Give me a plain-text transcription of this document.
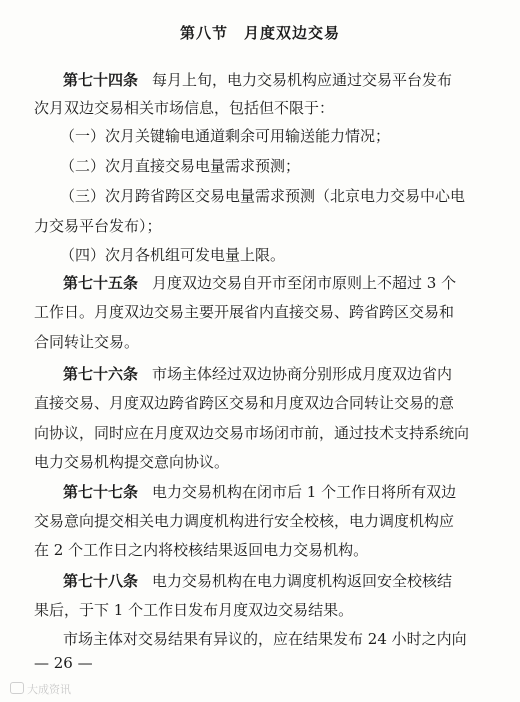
第八节　月度双边交易
第七十四条 每月上旬，电力交易机构应通过交易平台发布
次月双边交易相关市场信息，包括但不限于：
（一）次月关键输电通道剩余可用输送能力情况；
（二）次月直接交易电量需求预测；
（三）次月跨省跨区交易电量需求预测（北京电力交易中心电
力交易平台发布）；
（四）次月各机组可发电量上限。
第七十五条 月度双边交易自开市至闭市原则上不超过 3 个
工作日。月度双边交易主要开展省内直接交易、跨省跨区交易和
合同转让交易。
第七十六条 市场主体经过双边协商分别形成月度双边省内
直接交易、月度双边跨省跨区交易和月度双边合同转让交易的意
向协议，同时应在月度双边交易市场闭市前，通过技术支持系统向
电力交易机构提交意向协议。
第七十七条 电力交易机构在闭市后 1 个工作日将所有双边
交易意向提交相关电力调度机构进行安全校核，电力调度机构应
在 2 个工作日之内将校核结果返回电力交易机构。
第七十八条 电力交易机构在电力调度机构返回安全校核结
果后，于下 1 个工作日发布月度双边交易结果。
市场主体对交易结果有异议的，应在结果发布 24 小时之内向
— 26 —
大成资讯
